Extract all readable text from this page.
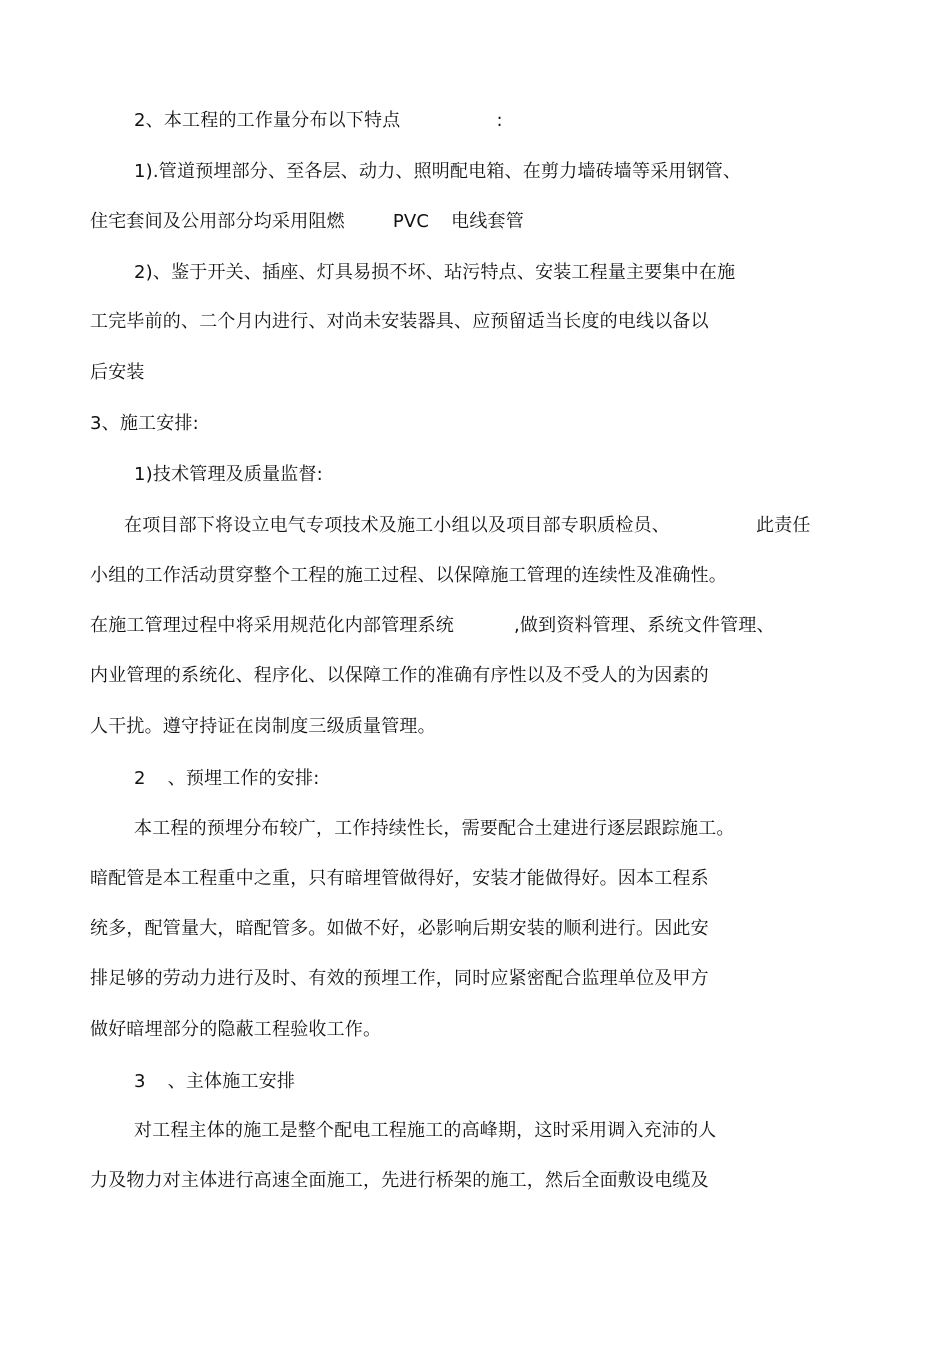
2、本工程的工作量分布以下特点	:
1).管道预埋部分、至各层、动力、照明配电箱、在剪力墙砖墙等采用钢管、
住宅套间及公用部分均采用阻燃	PVC 电线套管
2)、鉴于开关、插座、灯具易损不坏、玷污特点、安装工程量主要集中在施
工完毕前的、二个月内进行、对尚未安装器具、应预留适当长度的电线以备以
后安装
3、施工安排:
1)技术管理及质量监督:
在项目部下将设立电气专项技术及施工小组以及项目部专职质检员、	此责任
小组的工作活动贯穿整个工程的施工过程、以保障施工管理的连续性及准确性。
在施工管理过程中将采用规范化内部管理系统	,做到资料管理、系统文件管理、
内业管理的系统化、程序化、以保障工作的准确有序性以及不受人的为因素的
人干扰。遵守持证在岗制度三级质量管理。
2 、预埋工作的安排:
本工程的预埋分布较广，工作持续性长，需要配合土建进行逐层跟踪施工。
暗配管是本工程重中之重，只有暗埋管做得好，安装才能做得好。因本工程系
统多，配管量大，暗配管多。如做不好，必影响后期安装的顺利进行。因此安
排足够的劳动力进行及时、有效的预埋工作，同时应紧密配合监理单位及甲方
做好暗埋部分的隐蔽工程验收工作。
3 、主体施工安排
对工程主体的施工是整个配电工程施工的高峰期，这时采用调入充沛的人
力及物力对主体进行高速全面施工，先进行桥架的施工，然后全面敷设电缆及
